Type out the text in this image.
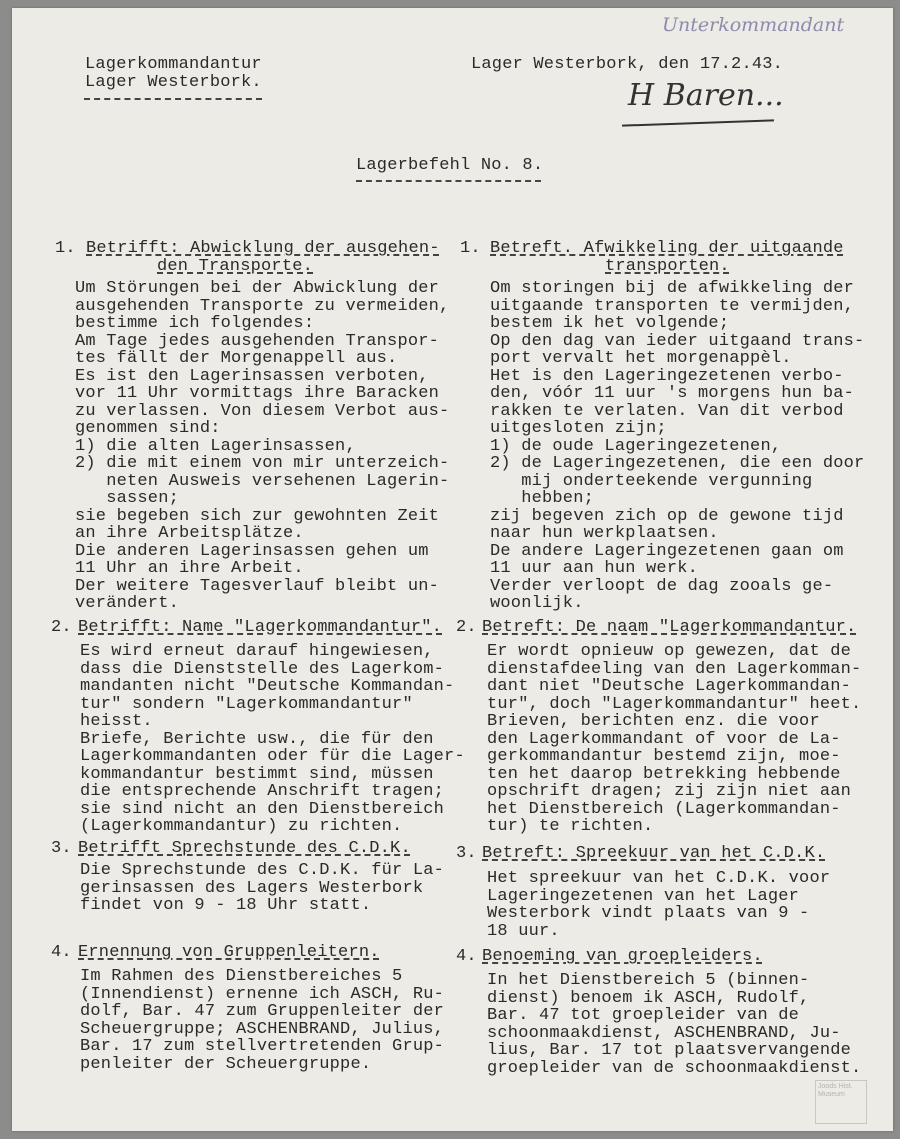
Unterkommandant
H Baren...
Lagerkommandantur
Lager Westerbork.
Lager Westerbork, den 17.2.43.
Lagerbefehl No. 8.
1. Betrifft: Abwicklung der ausgehen-
den Transporte.
Um Störungen bei der Abwicklung der
ausgehenden Transporte zu vermeiden,
bestimme ich folgendes:
Am Tage jedes ausgehenden Transpor-
tes fällt der Morgenappell aus.
Es ist den Lagerinsassen verboten,
vor 11 Uhr vormittags ihre Baracken
zu verlassen. Von diesem Verbot aus-
genommen sind:
1) die alten Lagerinsassen,
2) die mit einem von mir unterzeich-
neten Ausweis versehenen Lagerin-
sassen;
sie begeben sich zur gewohnten Zeit
an ihre Arbeitsplätze.
Die anderen Lagerinsassen gehen um
11 Uhr an ihre Arbeit.
Der weitere Tagesverlauf bleibt un-
verändert.
2. Betrifft: Name "Lagerkommandantur".
Es wird erneut darauf hingewiesen,
dass die Dienststelle des Lagerkom-
mandanten nicht "Deutsche Kommandan-
tur" sondern "Lagerkommandantur"
heisst.
Briefe, Berichte usw., die für den
Lagerkommandanten oder für die Lager-
kommandantur bestimmt sind, müssen
die entsprechende Anschrift tragen;
sie sind nicht an den Dienstbereich
(Lagerkommandantur) zu richten.
3. Betrifft Sprechstunde des C.D.K.
Die Sprechstunde des C.D.K. für La-
gerinsassen des Lagers Westerbork
findet von 9 - 18 Uhr statt.
4. Ernennung von Gruppenleitern.
Im Rahmen des Dienstbereiches 5
(Innendienst) ernenne ich ASCH, Ru-
dolf, Bar. 47 zum Gruppenleiter der
Scheuergruppe; ASCHENBRAND, Julius,
Bar. 17 zum stellvertretenden Grup-
penleiter der Scheuergruppe.
1. Betreft. Afwikkeling der uitgaande
transporten.
Om storingen bij de afwikkeling der
uitgaande transporten te vermijden,
bestem ik het volgende;
Op den dag van ieder uitgaand trans-
port vervalt het morgenappèl.
Het is den Lageringezetenen verbo-
den, vóór 11 uur 's morgens hun ba-
rakken te verlaten. Van dit verbod
uitgesloten zijn;
1) de oude Lageringezetenen,
2) de Lageringezetenen, die een door
mij onderteekende vergunning
hebben;
zij begeven zich op de gewone tijd
naar hun werkplaatsen.
De andere Lageringezetenen gaan om
11 uur aan hun werk.
Verder verloopt de dag zooals ge-
woonlijk.
2. Betreft: De naam "Lagerkommandantur.
Er wordt opnieuw op gewezen, dat de
dienstafdeeling van den Lagerkomman-
dant niet "Deutsche Lagerkommandan-
tur", doch "Lagerkommandantur" heet.
Brieven, berichten enz. die voor
den Lagerkommandant of voor de La-
gerkommandantur bestemd zijn, moe-
ten het daarop betrekking hebbende
opschrift dragen; zij zijn niet aan
het Dienstbereich (Lagerkommandan-
tur) te richten.
3. Betreft: Spreekuur van het C.D.K.
Het spreekuur van het C.D.K. voor
Lageringezetenen van het Lager
Westerbork vindt plaats van 9 -
18 uur.
4. Benoeming van groepleiders.
In het Dienstbereich 5 (binnen-
dienst) benoem ik ASCH, Rudolf,
Bar. 47 tot groepleider van de
schoonmaakdienst, ASCHENBRAND, Ju-
lius, Bar. 17 tot plaatsvervangende
groepleider van de schoonmaakdienst.
Joods Hist. Museum
